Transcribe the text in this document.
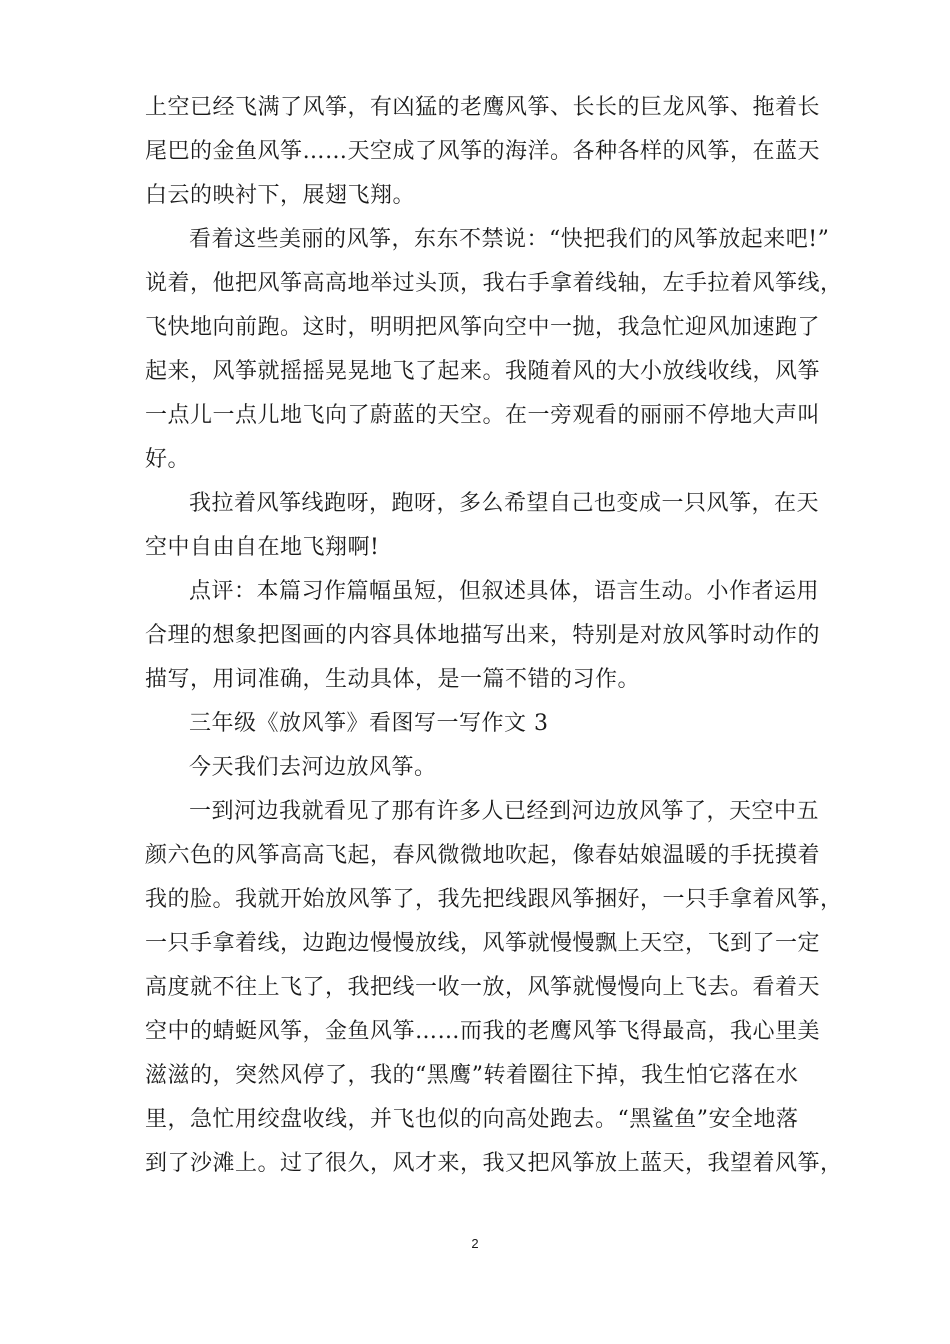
上空已经飞满了风筝，有凶猛的老鹰风筝、长长的巨龙风筝、拖着长
尾巴的金鱼风筝……天空成了风筝的海洋。各种各样的风筝，在蓝天
白云的映衬下，展翅飞翔。
看着这些美丽的风筝，东东不禁说：“快把我们的风筝放起来吧!”
说着，他把风筝高高地举过头顶，我右手拿着线轴，左手拉着风筝线，
飞快地向前跑。这时，明明把风筝向空中一抛，我急忙迎风加速跑了
起来，风筝就摇摇晃晃地飞了起来。我随着风的大小放线收线，风筝
一点儿一点儿地飞向了蔚蓝的天空。在一旁观看的丽丽不停地大声叫
好。
我拉着风筝线跑呀，跑呀，多么希望自己也变成一只风筝，在天
空中自由自在地飞翔啊!
点评：本篇习作篇幅虽短，但叙述具体，语言生动。小作者运用
合理的想象把图画的内容具体地描写出来，特别是对放风筝时动作的
描写，用词准确，生动具体，是一篇不错的习作。
三年级《放风筝》看图写一写作文 3
今天我们去河边放风筝。
一到河边我就看见了那有许多人已经到河边放风筝了，天空中五
颜六色的风筝高高飞起，春风微微地吹起，像春姑娘温暖的手抚摸着
我的脸。我就开始放风筝了，我先把线跟风筝捆好，一只手拿着风筝，
一只手拿着线，边跑边慢慢放线，风筝就慢慢飘上天空，飞到了一定
高度就不往上飞了，我把线一收一放，风筝就慢慢向上飞去。看着天
空中的蜻蜓风筝，金鱼风筝……而我的老鹰风筝飞得最高，我心里美
滋滋的，突然风停了，我的“黑鹰”转着圈往下掉，我生怕它落在水
里，急忙用绞盘收线，并飞也似的向高处跑去。“黑鲨鱼”安全地落
到了沙滩上。过了很久，风才来，我又把风筝放上蓝天，我望着风筝，
2
